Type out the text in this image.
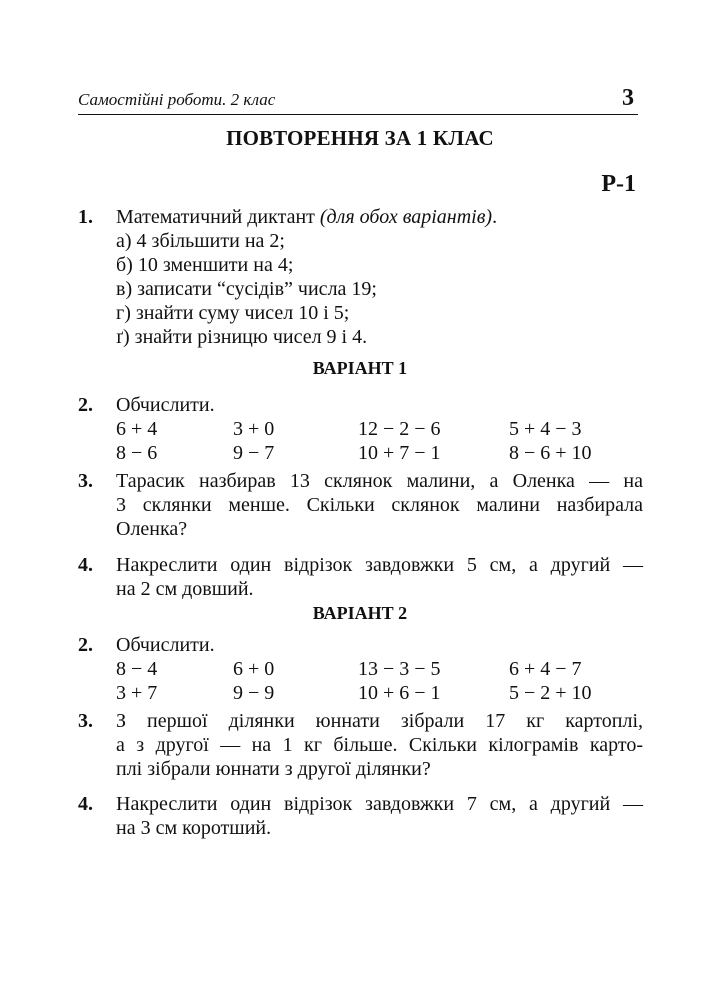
Самостійні роботи. 2 клас	3
ПОВТОРЕННЯ ЗА 1 КЛАС
Р-1
1. Математичний диктант (для обох варіантів).
а) 4 збільшити на 2;
б) 10 зменшити на 4;
в) записати “сусідів” числа 19;
г) знайти суму чисел 10 і 5;
ґ) знайти різницю чисел 9 і 4.
ВАРІАНТ 1
2. Обчислити.
6 + 4	3 + 0	12 − 2 − 6	5 + 4 − 3
8 − 6	9 − 7	10 + 7 − 1	8 − 6 + 10
3. Тарасик назбирав 13 склянок малини, а Оленка — на
3 склянки менше. Скільки склянок малини назбирала
Оленка?
4. Накреслити один відрізок завдовжки 5 см, а другий —
на 2 см довший.
ВАРІАНТ 2
2. Обчислити.
8 − 4	6 + 0	13 − 3 − 5	6 + 4 − 7
3 + 7	9 − 9	10 + 6 − 1	5 − 2 + 10
3. З першої ділянки юннати зібрали 17 кг картоплі,
а з другої — на 1 кг більше. Скільки кілограмів карто-
плі зібрали юннати з другої ділянки?
4. Накреслити один відрізок завдовжки 7 см, а другий —
на 3 см коротший.
